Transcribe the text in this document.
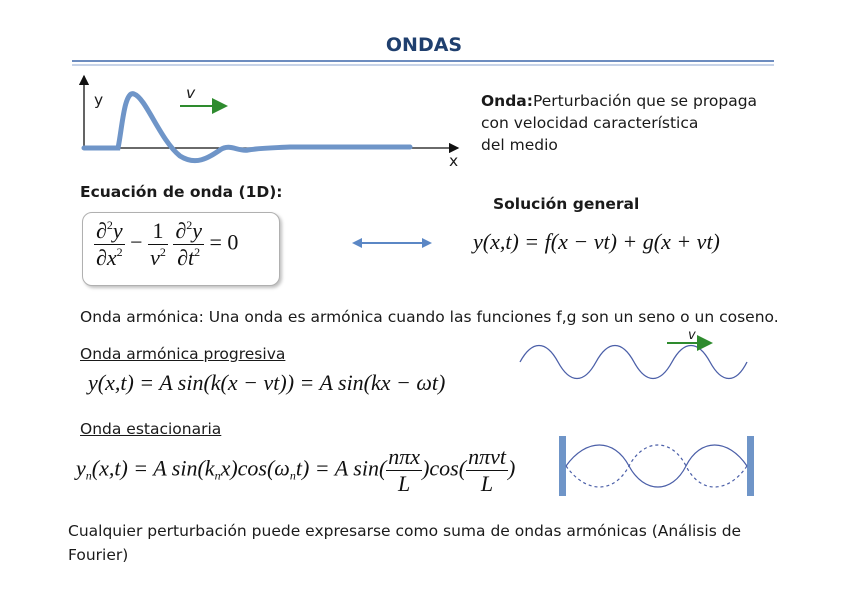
ONDAS
y
x
v	Onda:Perturbación que se propaga
con velocidad característica
del medio
Ecuación de onda (1D):
$\frac{\partial^2y}{\partial x^2} - \frac{1}{v^2}$
$\frac{\partial^2y}{\partial t^2} = 0$
Solución general
y(x,t) = f(x − vt) + g(x + vt)
Onda armónica: Una onda es armónica cuando las funciones f,g son un seno o un coseno.
Onda armónica progresiva
y(x,t) = A sin(k(x − vt)) = A sin(kx − ωt)
v
Onda estacionaria
$y_n(x,t) = A$ $\sin(k_nx)\cos(\omega_nt) = A$ $\sin( \frac{\text{nπx}}{L} )\cos( \frac{\text{nπvt}}{L}$ )
Cualquier perturbación puede expresarse como suma de ondas armónicas (Análisis de Fourier)
